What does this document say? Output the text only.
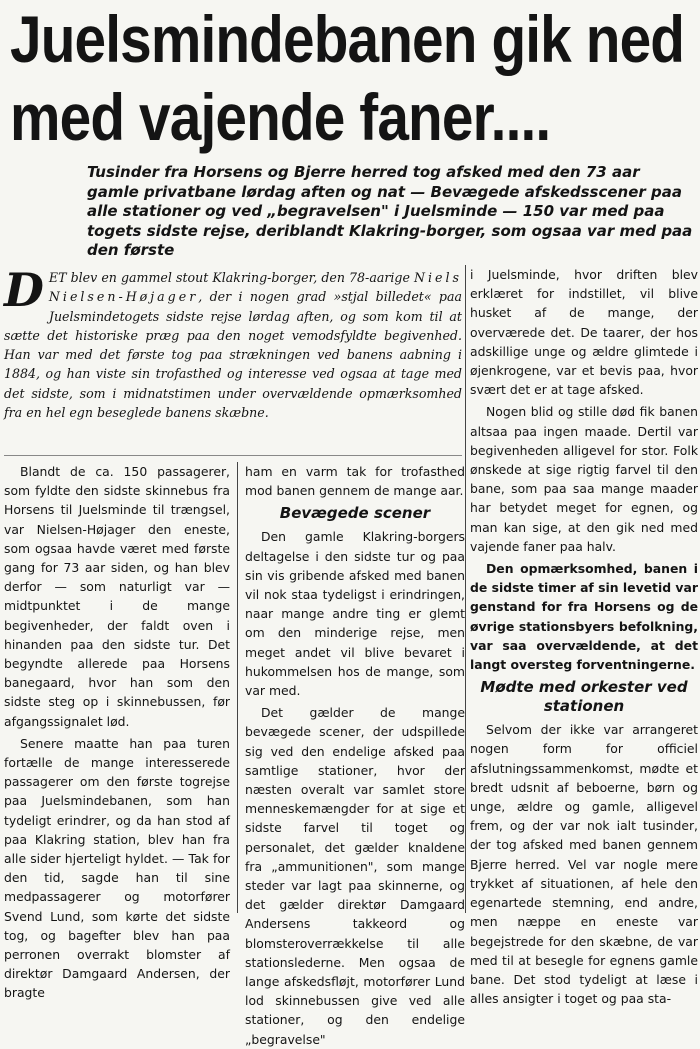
Juelsmindebanen gik ned
med vajende faner....
Tusinder fra Horsens og Bjerre herred tog afsked med den 73 aar gamle privatbane lørdag aften og nat — Bevægede afskedsscener paa alle stationer og ved „begravelsen" i Juelsminde — 150 var med paa togets sidste rejse, deriblandt Klakring-borger, som ogsaa var med paa den første
DET blev en gammel stout Klakring-borger, den 78-aarige Niels Nielsen-Højager, der i nogen grad »stjal billedet« paa Juelsmindetogets sidste rejse lørdag aften, og som kom til at sætte det historiske præg paa den noget vemodsfyldte begivenhed. Han var med det første tog paa strækningen ved banens aabning i 1884, og han viste sin trofasthed og interesse ved ogsaa at tage med det sidste, som i midnatstimen under overvældende opmærksomhed fra en hel egn beseglede banens skæbne.

Blandt de ca. 150 passagerer, som fyldte den sidste skinnebus fra Horsens til Juelsminde til trængsel, var Nielsen-Højager den eneste, som ogsaa havde været med første gang for 73 aar siden, og han blev derfor — som naturligt var — midtpunktet i de mange begivenheder, der faldt oven i hinanden paa den sidste tur. Det begyndte allerede paa Horsens banegaard, hvor han som den sidste steg op i skinnebussen, før afgangssignalet lød.

Senere maatte han paa turen fortælle de mange interesserede passagerer om den første togrejse paa Juelsmindebanen, som han tydeligt erindrer, og da han stod af paa Klakring station, blev han fra alle sider hjerteligt hyldet. — Tak for den tid, sagde han til sine medpassagerer og motorfører Svend Lund, som kørte det sidste tog, og bagefter blev han paa perronen overrakt blomster af direktør Damgaard Andersen, der bragte

ham en varm tak for trofasthed mod banen gennem de mange aar.

Bevægede scener

Den gamle Klakring-borgers deltagelse i den sidste tur og paa sin vis gribende afsked med banen vil nok staa tydeligst i erindringen, naar mange andre ting er glemt om den minderige rejse, men meget andet vil blive bevaret i hukommelsen hos de mange, som var med.

Det gælder de mange bevægede scener, der udspillede sig ved den endelige afsked paa samtlige stationer, hvor der næsten overalt var samlet store menneskemængder for at sige et sidste farvel til toget og personalet, det gælder knaldene fra „ammunitionen", som mange steder var lagt paa skinnerne, og det gælder direktør Damgaard Andersens takkeord og blomsteroverrækkelse til alle stationslederne. Men ogsaa de lange afskedsfløjt, motorfører Lund lod skinnebussen give ved alle stationer, og den endelige „begravelse"

i Juelsminde, hvor driften blev erklæret for indstillet, vil blive husket af de mange, der overværede det. De taarer, der hos adskillige unge og ældre glimtede i øjenkrogene, var et bevis paa, hvor svært det er at tage afsked.

Nogen blid og stille død fik banen altsaa paa ingen maade. Dertil var begivenheden alligevel for stor. Folk ønskede at sige rigtig farvel til den bane, som paa saa mange maader har betydet meget for egnen, og man kan sige, at den gik ned med vajende faner paa halv.

Den opmærksomhed, banen i de sidste timer af sin levetid var genstand for fra Horsens og de øvrige stationsbyers befolkning, var saa overvældende, at det langt oversteg forventningerne.

Mødte med orkester ved stationen

Selvom der ikke var arrangeret nogen form for officiel afslutningssammenkomst, mødte et bredt udsnit af beboerne, børn og unge, ældre og gamle, alligevel frem, og der var nok ialt tusinder, der tog afsked med banen gennem Bjerre herred. Vel var nogle mere trykket af situationen, af hele den egenartede stemning, end andre, men næppe en eneste var begejstrede for den skæbne, de var med til at besegle for egnens gamle bane. Det stod tydeligt at læse i alles ansigter i toget og paa sta-
